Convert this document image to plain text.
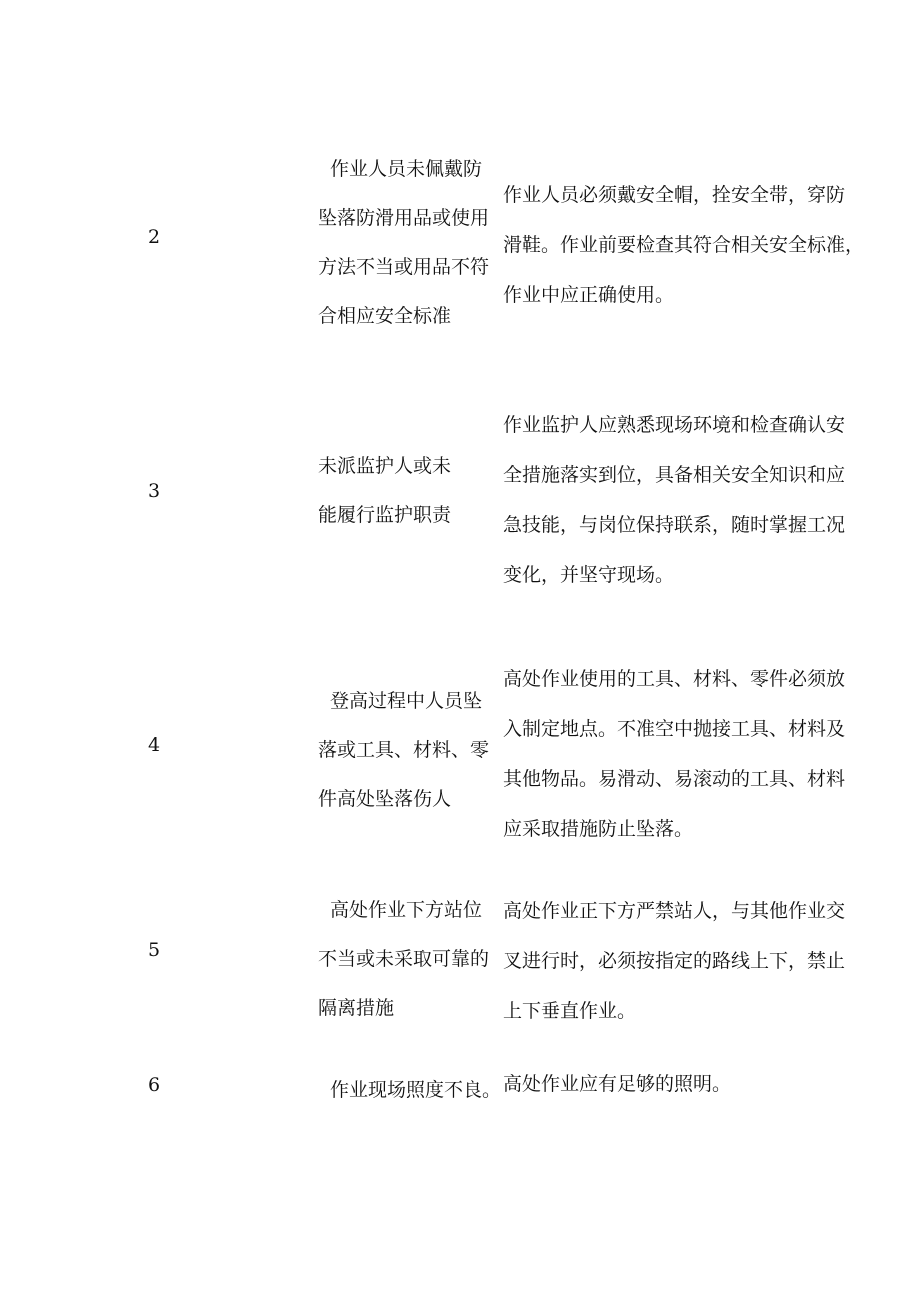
2
作业人员未佩戴防
坠落防滑用品或使用
方法不当或用品不符
合相应安全标准
作业人员必须戴安全帽，拴安全带，穿防
滑鞋。作业前要检查其符合相关安全标准，
作业中应正确使用。
3
未派监护人或未
能履行监护职责
作业监护人应熟悉现场环境和检查确认安
全措施落实到位，具备相关安全知识和应
急技能，与岗位保持联系，随时掌握工况
变化，并坚守现场。
4
登高过程中人员坠
落或工具、材料、零
件高处坠落伤人
高处作业使用的工具、材料、零件必须放
入制定地点。不准空中抛接工具、材料及
其他物品。易滑动、易滚动的工具、材料
应采取措施防止坠落。
5
高处作业下方站位
不当或未采取可靠的
隔离措施
高处作业正下方严禁站人，与其他作业交
叉进行时，必须按指定的路线上下，禁止
上下垂直作业。
6	作业现场照度不良。 高处作业应有足够的照明。
